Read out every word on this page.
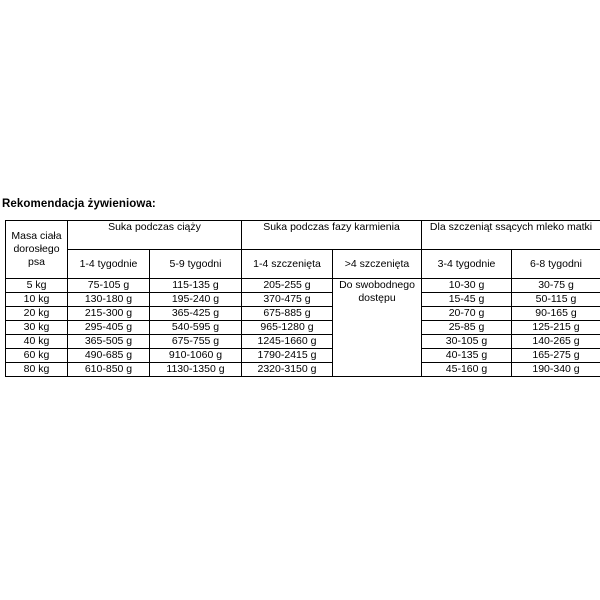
Rekomendacja żywieniowa:
Masa ciała dorosłego psa	Suka podczas ciąży		Suka podczas fazy karmienia		Dla szczeniąt ssących mleko matki	
	1-4 tygodnie	5-9 tygodni	1-4 szczenięta	>4 szczenięta	3-4 tygodnie	6-8 tygodni
5 kg	75-105 g	115-135 g	205-255 g	Do swobodnego dostępu	10-30 g	30-75 g
10 kg	130-180 g	195-240 g	370-475 g		15-45 g	50-115 g
20 kg	215-300 g	365-425 g	675-885 g		20-70 g	90-165 g
30 kg	295-405 g	540-595 g	965-1280 g		25-85 g	125-215 g
40 kg	365-505 g	675-755 g	1245-1660 g		30-105 g	140-265 g
60 kg	490-685 g	910-1060 g	1790-2415 g		40-135 g	165-275 g
80 kg	610-850 g	1130-1350 g	2320-3150 g		45-160 g	190-340 g
